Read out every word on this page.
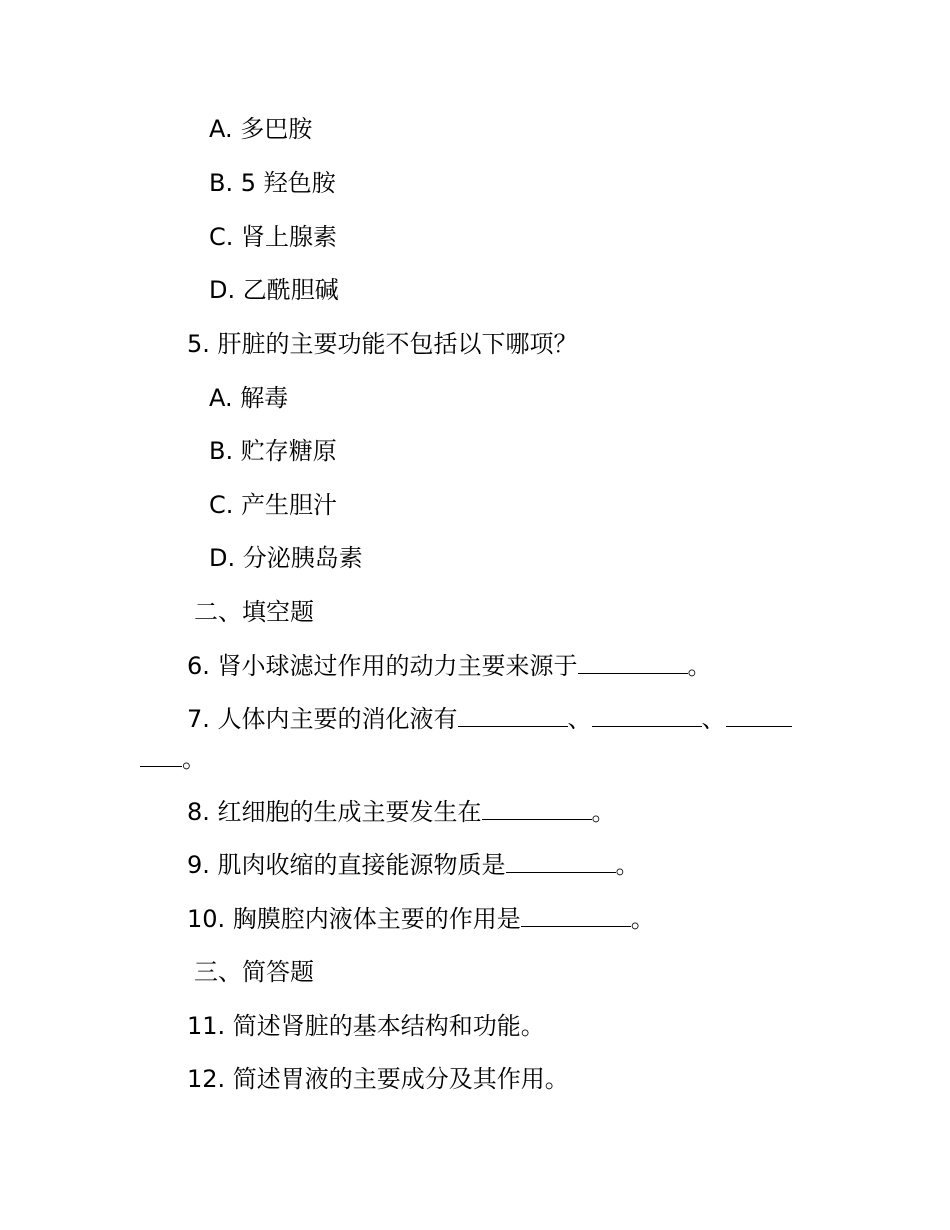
A. 多巴胺
B. 5 羟色胺
C. 肾上腺素
D. 乙酰胆碱
5. 肝脏的主要功能不包括以下哪项？
A. 解毒
B. 贮存糖原
C. 产生胆汁
D. 分泌胰岛素
二、填空题
6. 肾小球滤过作用的动力主要来源于	。
7. 人体内主要的消化液有	、	、
。
8. 红细胞的生成主要发生在	。
9. 肌肉收缩的直接能源物质是	。
10. 胸膜腔内液体主要的作用是	。
三、简答题
11. 简述肾脏的基本结构和功能。
12. 简述胃液的主要成分及其作用。
